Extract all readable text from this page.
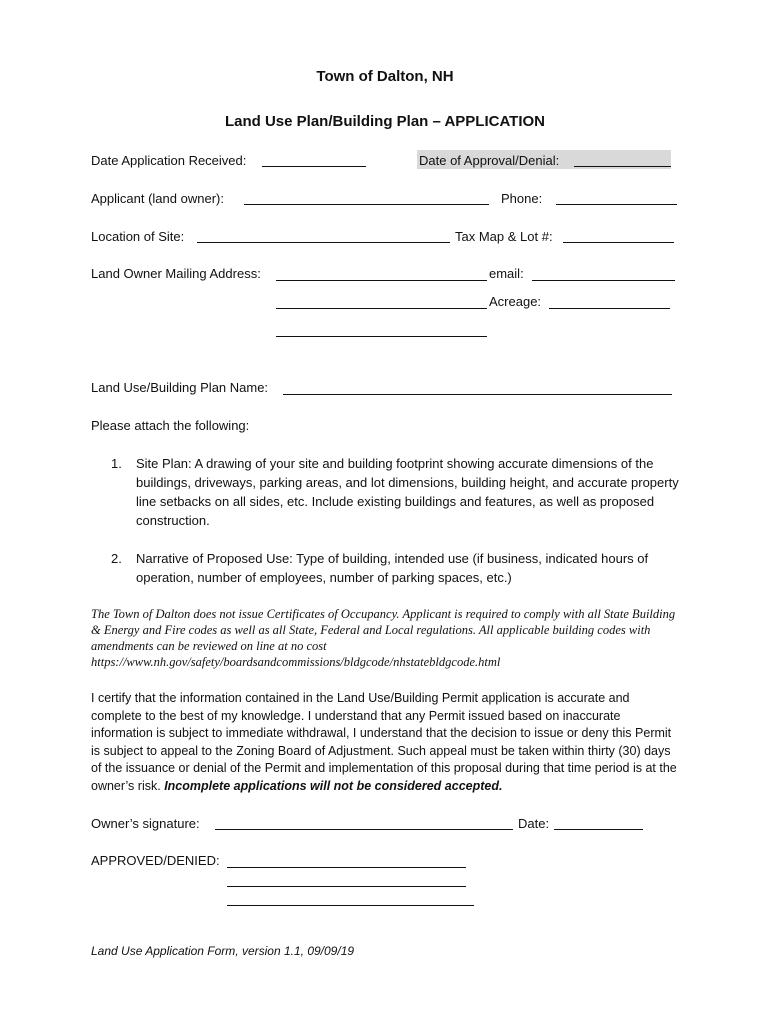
Town of Dalton, NH
Land Use Plan/Building Plan – APPLICATION
Date Application Received:	Date of Approval/Denial:
Applicant (land owner):	Phone:
Location of Site:	Tax Map & Lot #:
Land Owner Mailing Address:	email:
Acreage:
Land Use/Building Plan Name:
Please attach the following:
1. Site Plan: A drawing of your site and building footprint showing accurate dimensions of the buildings, driveways, parking areas, and lot dimensions, building height, and accurate property line setbacks on all sides, etc. Include existing buildings and features, as well as proposed construction.
2. Narrative of Proposed Use: Type of building, intended use (if business, indicated hours of operation, number of employees, number of parking spaces, etc.)
The Town of Dalton does not issue Certificates of Occupancy. Applicant is required to comply with all State Building & Energy and Fire codes as well as all State, Federal and Local regulations. All applicable building codes with amendments can be reviewed on line at no cost https://www.nh.gov/safety/boardsandcommissions/bldgcode/nhstatebldgcode.html
I certify that the information contained in the Land Use/Building Permit application is accurate and complete to the best of my knowledge. I understand that any Permit issued based on inaccurate information is subject to immediate withdrawal, I understand that the decision to issue or deny this Permit is subject to appeal to the Zoning Board of Adjustment. Such appeal must be taken within thirty (30) days of the issuance or denial of the Permit and implementation of this proposal during that time period is at the owner’s risk. Incomplete applications will not be considered accepted.
Owner’s signature:	Date:
APPROVED/DENIED:
Land Use Application Form, version 1.1, 09/09/19
